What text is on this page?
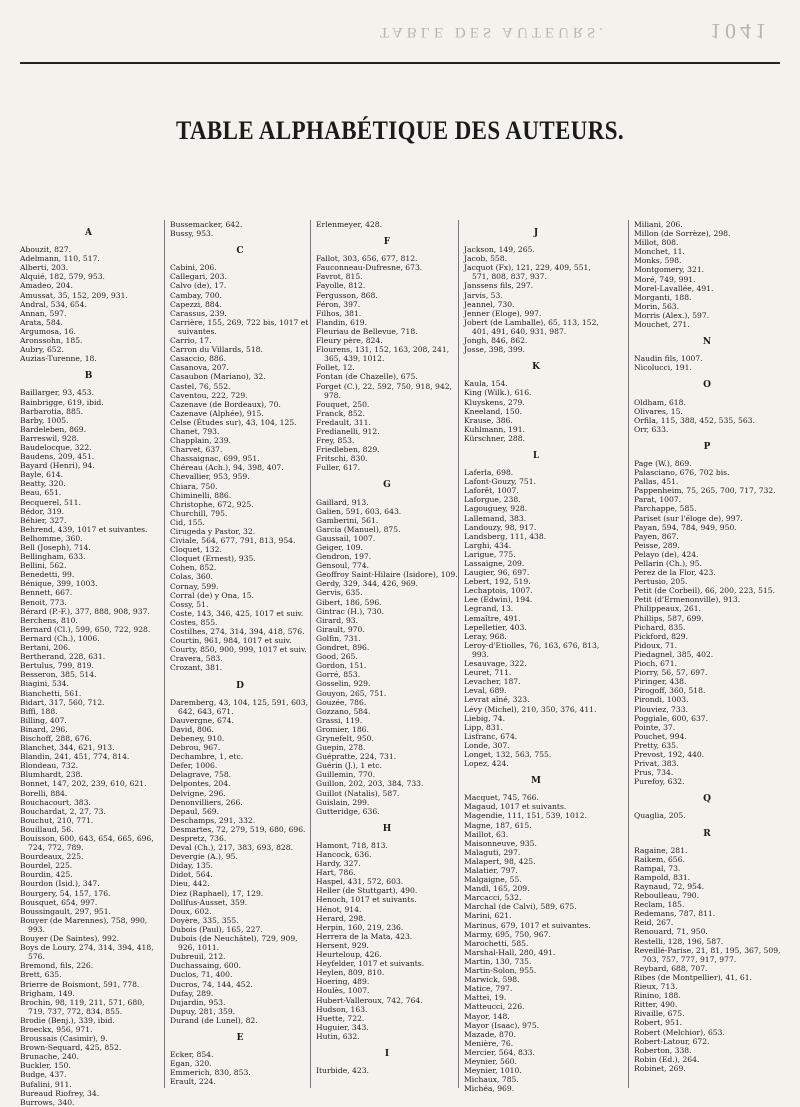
TABLE DES AUTEURS.	1041
TABLE ALPHABÉTIQUE DES AUTEURS.
A
Abouzit, 827.
Adelmann, 110, 517.
Alberti, 203.
Alquié, 182, 579, 953.
Amadeo, 204.
Amussat, 35, 152, 209, 931.
Andral, 534, 654.
Annan, 597.
Arata, 584.
Argumosa, 16.
Aronssohn, 185.
Aubry, 652.
Auzias-Turenne, 18.
B
Baillarger, 93, 453.
Bainbrigge, 619, ibid.
Barbarotia, 885.
Barby, 1005.
Bardeleben, 869.
Barreswil, 928.
Baudelocque, 322.
Baudens, 209, 451.
Bayard (Henri), 94.
Bayle, 614.
Beatty, 320.
Beau, 651.
Becquerel, 511.
Bédor, 319.
Béhier, 327.
Behrend, 439, 1017 et suivantes.
Belhomme, 360.
Bell (Joseph), 714.
Bellingham, 633.
Bellini, 562.
Benedetti, 99.
Bénique, 399, 1003.
Bennett, 667.
Benoit, 773.
Bérard (P.-F.), 377, 888, 908, 937.
Berchens, 810.
Bernard (Cl.), 599, 650, 722, 928.
Bernard (Ch.), 1006.
Bertani, 206.
Bertherand, 228, 631.
Bertulus, 799, 819.
Besseron, 385, 514.
Biagini, 534.
Bianchetti, 561.
Bidart, 317, 560, 712.
Biffi, 188.
Billing, 407.
Binard, 296.
Bischoff, 288, 676.
Blanchet, 344, 621, 913.
Blandin, 241, 451, 774, 814.
Blondeau, 732.
Blumhardt, 238.
Bonnet, 147, 202, 239, 610, 621.
Borelli, 884.
Bouchacourt, 383.
Bouchardat, 2, 27, 73.
Bouchut, 210, 771.
Bouillaud, 56.
Bouisson, 600, 643, 654, 665, 696, 724, 772, 789.
Bourdeaux, 225.
Bourdel, 225.
Bourdin, 425.
Bourdon (Isid.), 347.
Bourgery, 54, 157, 176.
Bousquet, 654, 997.
Boussingault, 297, 951.
Bouyer (de Marennes), 758, 990, 993.
Bouyer (De Saintes), 992.
Boys de Loury, 274, 314, 394, 418, 576.
Bremond, fils, 226.
Brett, 635.
Brierre de Boismont, 591, 778.
Brigham, 149.
Brochin, 98, 119, 211, 571, 680, 719, 737, 772, 834, 855.
Brodie (Benj.), 339, ibid.
Broeckx, 956, 971.
Broussais (Casimir), 9.
Brown-Sequard, 425, 852.
Brunache, 240.
Buckler, 150.
Budge, 437.
Bufalini, 911.
Bureaud Riofrey, 34.
Burrows, 340.
Bussemacker, 642.
Bussy, 953.
C
Cabini, 206.
Callegari, 203.
Calvo (de), 17.
Cambay, 700.
Capezzi, 884.
Carassus, 239.
Carrière, 155, 269, 722 bis, 1017 et suivantes.
Carrio, 17.
Carron du Villards, 518.
Casaccio, 886.
Casanova, 207.
Casaubon (Mariano), 32.
Castel, 76, 552.
Caventou, 222, 729.
Cazenave (de Bordeaux), 70.
Cazenave (Alphée), 915.
Celse (Études sur), 43, 104, 125.
Chanet, 793.
Chapplain, 239.
Charvet, 637.
Chassaignac, 699, 951.
Chéreau (Ach.), 94, 398, 407.
Chevallier, 953, 959.
Chiara, 750.
Chiminelli, 886.
Christophe, 672, 925.
Churchill, 795.
Cid, 155.
Cirugeda y Pastor, 32.
Civiale, 564, 677, 791, 813, 954.
Cloquet, 132.
Cloquet (Ernest), 935.
Cohen, 852.
Colas, 360.
Cornay, 599.
Corral (de) y Ona, 15.
Cossy, 51.
Coste, 143, 346, 425, 1017 et suiv.
Costes, 855.
Costilhes, 274, 314, 394, 418, 576.
Courtin, 961, 984, 1017 et suiv.
Courty, 850, 900, 999, 1017 et suiv.
Cravera, 583.
Crozant, 381.
D
Daremberg, 43, 104, 125, 591, 603, 642, 643, 671.
Dauvergne, 674.
David, 806.
Debeney, 910.
Debrou, 967.
Dechambre, 1, etc.
Defer, 1006.
Delagrave, 758.
Delpontes, 204.
Delvigne, 296.
Denonvilliers, 266.
Depaul, 569.
Deschamps, 291, 332.
Desmartes, 72, 279, 519, 680, 696.
Despretz, 736.
Deval (Ch.), 217, 383, 693, 828.
Devergie (A.), 95.
Diday, 135.
Didot, 564.
Dieu, 442.
Diez (Raphael), 17, 129.
Dollfus-Ausset, 359.
Doux, 602.
Doyère, 335, 355.
Dubois (Paul), 165, 227.
Dubois (de Neuchâtel), 729, 909, 926, 1011.
Dubreuil, 212.
Duchassaing, 600.
Duclos, 71, 400.
Ducros, 74, 144, 452.
Dufay, 289.
Dujardin, 953.
Dupuy, 281, 359.
Durand (de Lunel), 82.
E
Ecker, 854.
Egan, 320.
Emmerich, 830, 853.
Erault, 224.
Erlenmeyer, 428.
F
Fallot, 303, 656, 677, 812.
Fauconneau-Dufresne, 673.
Favrot, 815.
Fayolle, 812.
Fergusson, 868.
Féron, 397.
Filhos, 381.
Flandin, 619.
Fleuriau de Bellevue, 718.
Fleury père, 824.
Flourens, 131, 152, 163, 208, 241, 365, 439, 1012.
Follet, 12.
Fontan (de Chazelle), 675.
Forget (C.), 22, 592, 750, 918, 942, 978.
Fouquet, 250.
Franck, 852.
Fredault, 311.
Fredianelli, 912.
Frey, 853.
Friedleben, 829.
Fritschi, 830.
Fuller, 617.
G
Gaillard, 913.
Galien, 591, 603, 643.
Gamberini, 561.
Garcia (Manuel), 875.
Gaussail, 1007.
Geiger, 109.
Gendron, 197.
Gensoul, 774.
Geoffroy Saint-Hilaire (Isidore), 109.
Gerdy, 329, 344, 426, 969.
Gervis, 635.
Gibert, 186, 596.
Gintrac (H.), 730.
Girard, 93.
Girault, 970.
Golfin, 731.
Gondret, 896.
Good, 265.
Gordon, 151.
Gorré, 853.
Gosselin, 929.
Gouyon, 265, 751.
Gouzée, 786.
Gozzano, 584.
Grassi, 119.
Gromier, 186.
Grynefelt, 950.
Guepin, 278.
Guépratte, 224, 731.
Guérin (J.), 1 etc.
Guillemin, 770.
Guillon, 202, 203, 384, 733.
Guillot (Natalis), 587.
Guislain, 299.
Gutteridge, 636.
H
Hamont, 718, 813.
Hancock, 636.
Hardy, 327.
Hart, 786.
Haspel, 431, 572, 603.
Heller (de Stuttgart), 490.
Henoch, 1017 et suivants.
Hénot, 914.
Herard, 298.
Herpin, 160, 219, 236.
Herrera de la Mata, 423.
Hersent, 929.
Heurteloup, 426.
Heyfelder, 1017 et suivants.
Heylen, 809, 810.
Hoering, 489.
Houlès, 1007.
Hubert-Valleroux, 742, 764.
Hudson, 163.
Huette, 722.
Huguier, 343.
Hutin, 632.
I
Iturbide, 423.
J
Jackson, 149, 265.
Jacob, 558.
Jacquot (Fx), 121, 229, 409, 551, 571, 808, 837, 937.
Janssens fils, 297.
Jarvis, 53.
Jeannel, 730.
Jenner (Eloge), 997.
Jobert (de Lamballe), 65, 113, 152, 401, 491, 640, 931, 987.
Jongh, 846, 862.
Josse, 398, 399.
K
Kaula, 154.
King (Wilk.), 616.
Kluyskens, 279.
Kneeland, 150.
Krause, 386.
Kuhlmann, 191.
Kürschner, 288.
L
Laferla, 698.
Lafont-Gouzy, 751.
Laforêt, 1007.
Laforgue, 238.
Lagouguey, 928.
Lallemand, 383.
Landouzy, 98, 917.
Landsberg, 111, 438.
Larghi, 434.
Larigue, 775.
Lassaigne, 209.
Laugier, 96, 697.
Lebert, 192, 519.
Lechaptois, 1007.
Lee (Edwin), 194.
Legrand, 13.
Lemaître, 491.
Lepelletier, 403.
Leray, 968.
Leroy-d'Etiolles, 76, 163, 676, 813, 993.
Lesauvage, 322.
Leuret, 711.
Levacher, 187.
Leval, 689.
Levrat aîné, 323.
Lévy (Michel), 210, 350, 376, 411.
Liebig, 74.
Lipp, 831.
Lisfranc, 674.
Londe, 307.
Longet, 132, 563, 755.
Lopez, 424.
M
Macquet, 745, 766.
Magaud, 1017 et suivants.
Magendie, 111, 151, 539, 1012.
Magne, 187, 615.
Maillot, 63.
Maisonneuve, 935.
Malaguti, 297.
Malapert, 98, 425.
Malatier, 797.
Malgaigne, 55.
Mandl, 165, 209.
Marcacci, 532.
Marchal (de Calvi), 589, 675.
Marini, 621.
Marinus, 679, 1017 et suivantes.
Marmy, 695, 750, 967.
Marochetti, 585.
Marshal-Hall, 280, 491.
Martin, 130, 735.
Martin-Solon, 955.
Marwick, 598.
Matice, 797.
Mattei, 19.
Matteucci, 226.
Mayor, 148.
Mayor (Isaac), 975.
Mazade, 870.
Menière, 76.
Mercier, 564, 833.
Meynier, 560.
Meynier, 1010.
Michaux, 785.
Michéa, 969.
Miliani, 206.
Millon (de Sorrèze), 298.
Millot, 808.
Monchet, 11.
Monks, 598.
Montgomery, 321.
Moré, 749, 991.
Morel-Lavallée, 491.
Morganti, 188.
Morin, 563.
Morris (Alex.), 597.
Mouchet, 271.
N
Naudin fils, 1007.
Nicolucci, 191.
O
Oldham, 618.
Olivares, 15.
Orfila, 115, 388, 452, 535, 563.
Orr, 633.
P
Page (W.), 869.
Palasciano, 676, 702 bis.
Pallas, 451.
Pappenheim, 75, 265, 700, 717, 732.
Parat, 1007.
Parchappe, 585.
Pariset (sur l'éloge de), 997.
Payan, 594, 784, 949, 950.
Payen, 867.
Peisse, 289.
Pelayo (de), 424.
Pellarin (Ch.), 95.
Perez de la Flor, 423.
Pertusio, 205.
Petit (de Corbeil), 66, 200, 223, 515.
Petit (d'Ermenonville), 913.
Philippeaux, 261.
Phillips, 587, 699.
Pichard, 835.
Pickford, 829.
Pidoux, 71.
Piedagnel, 385, 402.
Pioch, 671.
Piorry, 56, 57, 697.
Piringer, 438.
Pirogoff, 360, 518.
Pirondi, 1003.
Plouviez, 733.
Poggiale, 600, 637.
Pointe, 37.
Pouchet, 994.
Pretty, 635.
Prevost, 192, 440.
Privat, 383.
Prus, 734.
Purefoy, 632.
Q
Quaglia, 205.
R
Ragaine, 281.
Raikem, 656.
Rampal, 73.
Rampold, 831.
Raynaud, 72, 954.
Reboulleau, 790.
Reclam, 185.
Redemans, 787, 811.
Reid, 267.
Renouard, 71, 950.
Restelli, 128, 196, 587.
Reveillé-Parise, 21, 81, 195, 367, 509, 703, 757, 777, 917, 977.
Reybard, 688, 707.
Ribes (de Montpellier), 41, 61.
Rieux, 713.
Rinino, 188.
Ritter, 490.
Rivaille, 675.
Robert, 951.
Robert (Melchior), 653.
Robert-Latour, 672.
Roberton, 338.
Robin (Ed.), 264.
Robinet, 269.
